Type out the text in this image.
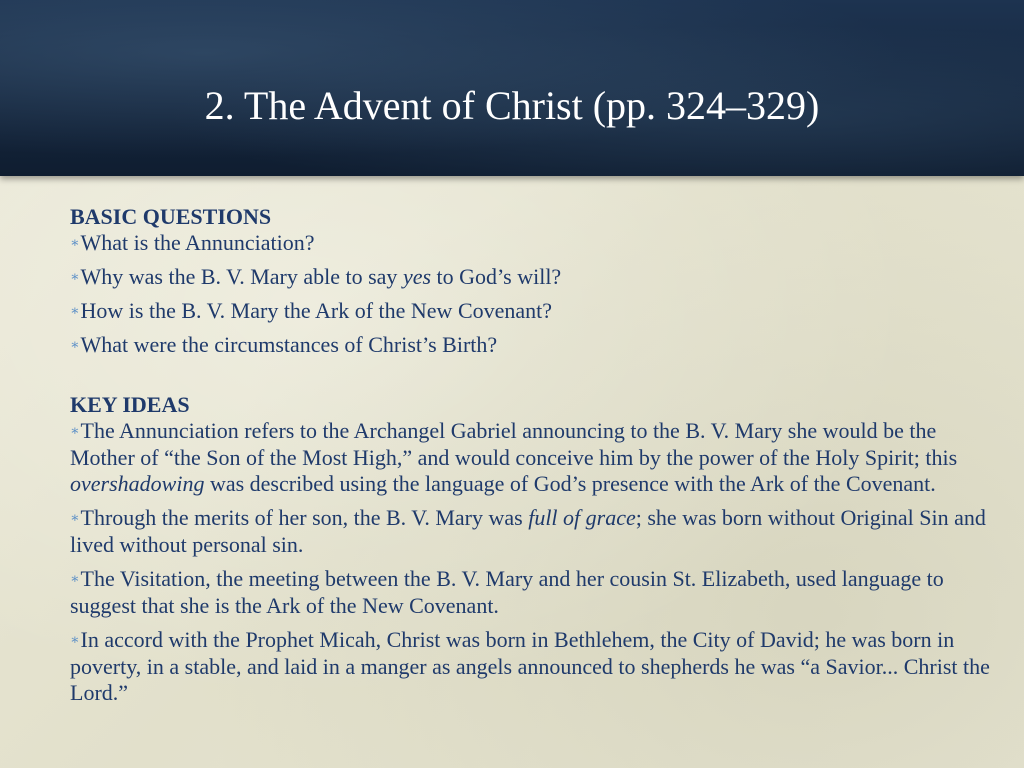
2. The Advent of Christ (pp. 324–329)

BASIC QUESTIONS

∗What is the Annunciation?
∗Why was the B. V. Mary able to say yes to God’s will?
∗How is the B. V. Mary the Ark of the New Covenant?
∗What were the circumstances of Christ’s Birth?

KEY IDEAS

∗The Annunciation refers to the Archangel Gabriel announcing to the B. V. Mary she would be the Mother of “the Son of the Most High,” and would conceive him by the power of the Holy Spirit; this overshadowing was described using the language of God’s presence with the Ark of the Covenant.
∗Through the merits of her son, the B. V. Mary was full of grace; she was born without Original Sin and lived without personal sin.
∗The Visitation, the meeting between the B. V. Mary and her cousin St. Elizabeth, used language to suggest that she is the Ark of the New Covenant.
∗In accord with the Prophet Micah, Christ was born in Bethlehem, the City of David; he was born in poverty, in a stable, and laid in a manger as angels announced to shepherds he was “a Savior... Christ the Lord.”
